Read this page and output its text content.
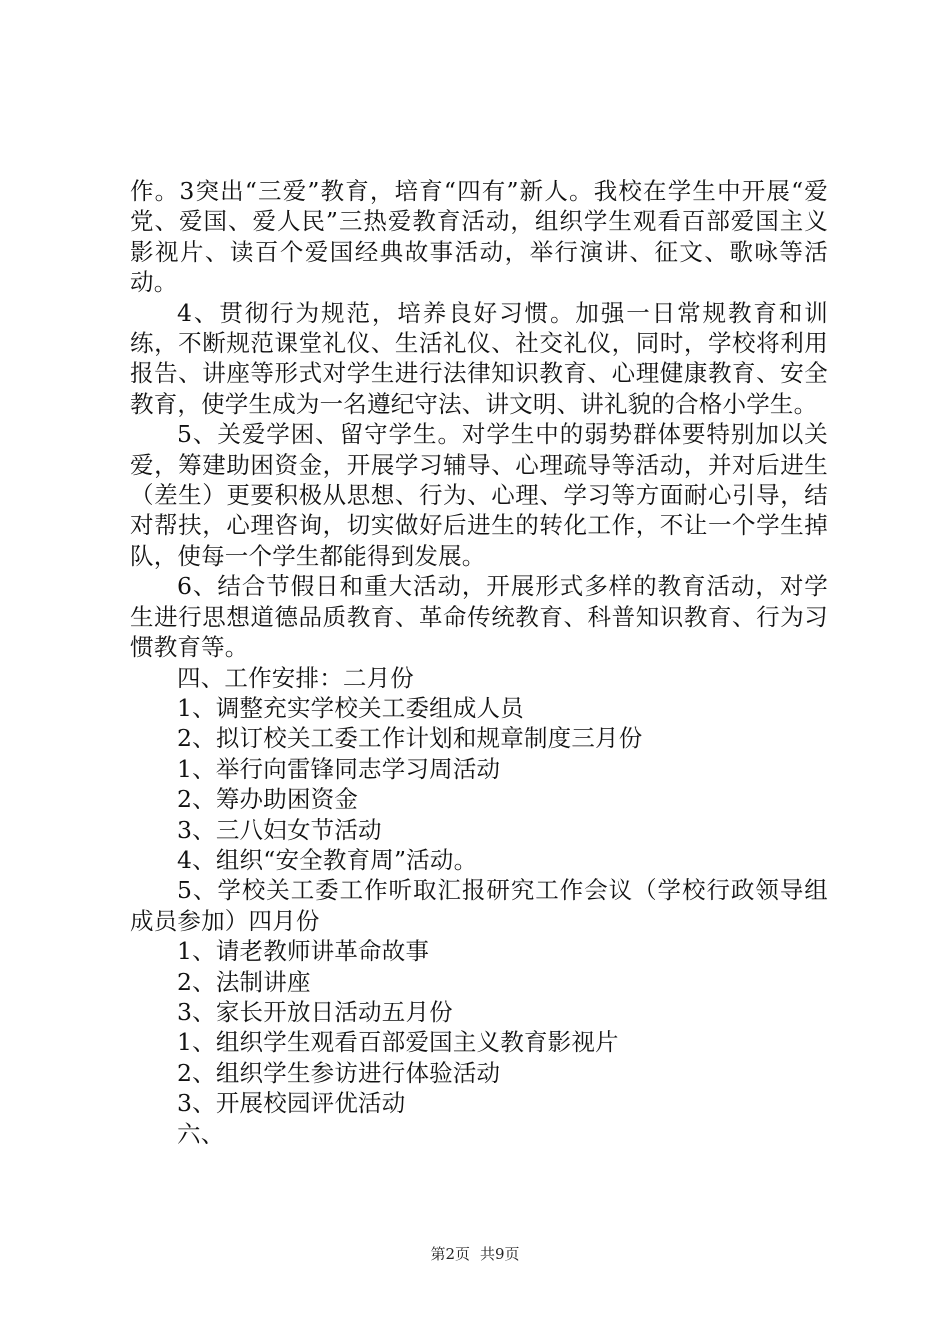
作。3突出“三爱”教育，培育“四有”新人。我校在学生中开展“爱党、爱国、爱人民”三热爱教育活动，组织学生观看百部爱国主义影视片、读百个爱国经典故事活动，举行演讲、征文、歌咏等活动。

4、贯彻行为规范，培养良好习惯。加强一日常规教育和训练，不断规范课堂礼仪、生活礼仪、社交礼仪，同时，学校将利用报告、讲座等形式对学生进行法律知识教育、心理健康教育、安全教育，使学生成为一名遵纪守法、讲文明、讲礼貌的合格小学生。

5、关爱学困、留守学生。对学生中的弱势群体要特别加以关爱，筹建助困资金，开展学习辅导、心理疏导等活动，并对后进生（差生）更要积极从思想、行为、心理、学习等方面耐心引导，结对帮扶，心理咨询，切实做好后进生的转化工作，不让一个学生掉队，使每一个学生都能得到发展。

6、结合节假日和重大活动，开展形式多样的教育活动，对学生进行思想道德品质教育、革命传统教育、科普知识教育、行为习惯教育等。

四、工作安排：二月份

1、调整充实学校关工委组成人员

2、拟订校关工委工作计划和规章制度三月份

1、举行向雷锋同志学习周活动

2、筹办助困资金

3、三八妇女节活动

4、组织“安全教育周”活动。

5、学校关工委工作听取汇报研究工作会议（学校行政领导组成员参加）四月份

1、请老教师讲革命故事

2、法制讲座

3、家长开放日活动五月份

1、组织学生观看百部爱国主义教育影视片

2、组织学生参访进行体验活动

3、开展校园评优活动

六、

第2页 共9页
